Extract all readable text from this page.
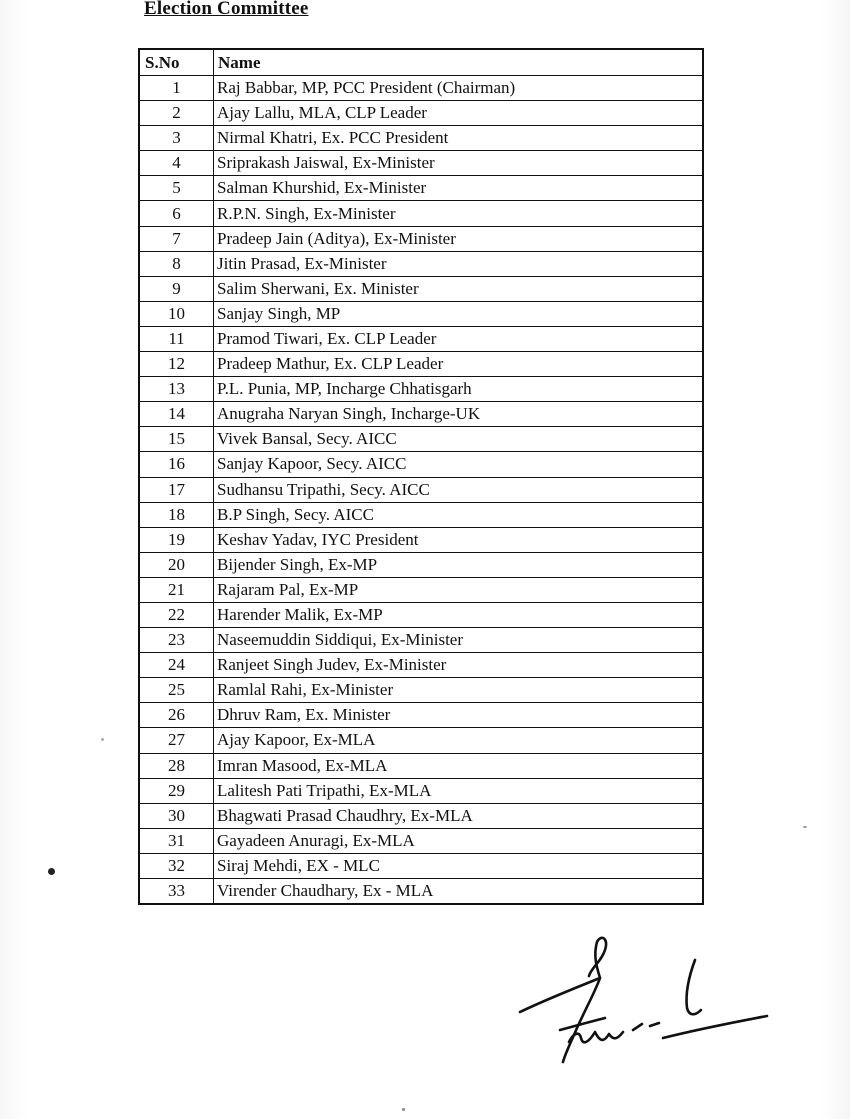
Election Committee
S.No	Name
1	Raj Babbar, MP, PCC President (Chairman)
2	Ajay Lallu, MLA, CLP Leader
3	Nirmal Khatri, Ex. PCC President
4	Sriprakash Jaiswal, Ex-Minister
5	Salman Khurshid, Ex-Minister
6	R.P.N. Singh, Ex-Minister
7	Pradeep Jain (Aditya), Ex-Minister
8	Jitin Prasad, Ex-Minister
9	Salim Sherwani, Ex. Minister
10	Sanjay Singh, MP
11	Pramod Tiwari, Ex. CLP Leader
12	Pradeep Mathur, Ex. CLP Leader
13	P.L. Punia, MP, Incharge Chhatisgarh
14	Anugraha Naryan Singh, Incharge-UK
15	Vivek Bansal, Secy. AICC
16	Sanjay Kapoor, Secy. AICC
17	Sudhansu Tripathi, Secy. AICC
18	B.P Singh, Secy. AICC
19	Keshav Yadav, IYC President
20	Bijender Singh, Ex-MP
21	Rajaram Pal, Ex-MP
22	Harender Malik, Ex-MP
23	Naseemuddin Siddiqui, Ex-Minister
24	Ranjeet Singh Judev, Ex-Minister
25	Ramlal Rahi, Ex-Minister
26	Dhruv Ram, Ex. Minister
27	Ajay Kapoor, Ex-MLA
28	Imran Masood, Ex-MLA
29	Lalitesh Pati Tripathi, Ex-MLA
30	Bhagwati Prasad Chaudhry, Ex-MLA
31	Gayadeen Anuragi, Ex-MLA
32	Siraj Mehdi, EX - MLC
33	Virender Chaudhary, Ex - MLA
